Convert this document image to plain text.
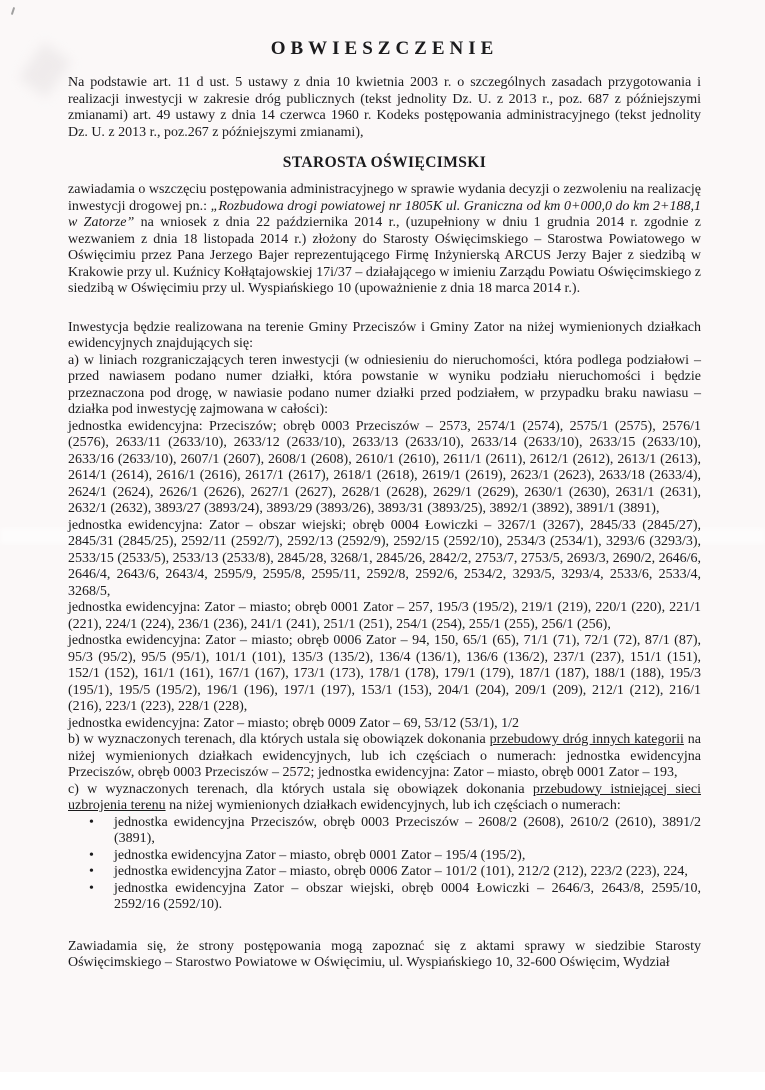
OBWIESZCZENIE

Na podstawie art. 11 d ust. 5 ustawy z dnia 10 kwietnia 2003 r. o szczególnych zasadach przygotowania i realizacji inwestycji w zakresie dróg publicznych (tekst jednolity Dz. U. z 2013 r., poz. 687 z późniejszymi zmianami) art. 49 ustawy z dnia 14 czerwca 1960 r. Kodeks postępowania administracyjnego (tekst jednolity Dz. U. z 2013 r., poz.267 z późniejszymi zmianami),

STAROSTA OŚWIĘCIMSKI

zawiadamia o wszczęciu postępowania administracyjnego w sprawie wydania decyzji o zezwoleniu na realizację inwestycji drogowej pn.: „Rozbudowa drogi powiatowej nr 1805K ul. Graniczna od km 0+000,0 do km 2+188,1 w Zatorze” na wniosek z dnia 22 października 2014 r., (uzupełniony w dniu 1 grudnia 2014 r. zgodnie z wezwaniem z dnia 18 listopada 2014 r.) złożony do Starosty Oświęcimskiego – Starostwa Powiatowego w Oświęcimiu przez Pana Jerzego Bajer reprezentującego Firmę Inżynierską ARCUS Jerzy Bajer z siedzibą w Krakowie przy ul. Kuźnicy Kołłątajowskiej 17i/37 – działającego w imieniu Zarządu Powiatu Oświęcimskiego z siedzibą w Oświęcimiu przy ul. Wyspiańskiego 10 (upoważnienie z dnia 18 marca 2014 r.).

Inwestycja będzie realizowana na terenie Gminy Przeciszów i Gminy Zator na niżej wymienionych działkach ewidencyjnych znajdujących się:

a) w liniach rozgraniczających teren inwestycji (w odniesieniu do nieruchomości, która podlega podziałowi – przed nawiasem podano numer działki, która powstanie w wyniku podziału nieruchomości i będzie przeznaczona pod drogę, w nawiasie podano numer działki przed podziałem, w przypadku braku nawiasu – działka pod inwestycję zajmowana w całości):

jednostka ewidencyjna: Przeciszów; obręb 0003 Przeciszów – 2573, 2574/1 (2574), 2575/1 (2575), 2576/1 (2576), 2633/11 (2633/10), 2633/12 (2633/10), 2633/13 (2633/10), 2633/14 (2633/10), 2633/15 (2633/10), 2633/16 (2633/10), 2607/1 (2607), 2608/1 (2608), 2610/1 (2610), 2611/1 (2611), 2612/1 (2612), 2613/1 (2613), 2614/1 (2614), 2616/1 (2616), 2617/1 (2617), 2618/1 (2618), 2619/1 (2619), 2623/1 (2623), 2633/18 (2633/4), 2624/1 (2624), 2626/1 (2626), 2627/1 (2627), 2628/1 (2628), 2629/1 (2629), 2630/1 (2630), 2631/1 (2631), 2632/1 (2632), 3893/27 (3893/24), 3893/29 (3893/26), 3893/31 (3893/25), 3892/1 (3892), 3891/1 (3891),

jednostka ewidencyjna: Zator – obszar wiejski; obręb 0004 Łowiczki – 3267/1 (3267), 2845/33 (2845/27), 2845/31 (2845/25), 2592/11 (2592/7), 2592/13 (2592/9), 2592/15 (2592/10), 2534/3 (2534/1), 3293/6 (3293/3), 2533/15 (2533/5), 2533/13 (2533/8), 2845/28, 3268/1, 2845/26, 2842/2, 2753/7, 2753/5, 2693/3, 2690/2, 2646/6, 2646/4, 2643/6, 2643/4, 2595/9, 2595/8, 2595/11, 2592/8, 2592/6, 2534/2, 3293/5, 3293/4, 2533/6, 2533/4, 3268/5,

jednostka ewidencyjna: Zator – miasto; obręb 0001 Zator – 257, 195/3 (195/2), 219/1 (219), 220/1 (220), 221/1 (221), 224/1 (224), 236/1 (236), 241/1 (241), 251/1 (251), 254/1 (254), 255/1 (255), 256/1 (256),

jednostka ewidencyjna: Zator – miasto; obręb 0006 Zator – 94, 150, 65/1 (65), 71/1 (71), 72/1 (72), 87/1 (87), 95/3 (95/2), 95/5 (95/1), 101/1 (101), 135/3 (135/2), 136/4 (136/1), 136/6 (136/2), 237/1 (237), 151/1 (151), 152/1 (152), 161/1 (161), 167/1 (167), 173/1 (173), 178/1 (178), 179/1 (179), 187/1 (187), 188/1 (188), 195/3 (195/1), 195/5 (195/2), 196/1 (196), 197/1 (197), 153/1 (153), 204/1 (204), 209/1 (209), 212/1 (212), 216/1 (216), 223/1 (223), 228/1 (228),

jednostka ewidencyjna: Zator – miasto; obręb 0009 Zator – 69, 53/12 (53/1), 1/2

b) w wyznaczonych terenach, dla których ustala się obowiązek dokonania przebudowy dróg innych kategorii na niżej wymienionych działkach ewidencyjnych, lub ich częściach o numerach: jednostka ewidencyjna Przeciszów, obręb 0003 Przeciszów – 2572; jednostka ewidencyjna: Zator – miasto, obręb 0001 Zator – 193,

c) w wyznaczonych terenach, dla których ustala się obowiązek dokonania przebudowy istniejącej sieci uzbrojenia terenu na niżej wymienionych działkach ewidencyjnych, lub ich częściach o numerach:

• jednostka ewidencyjna Przeciszów, obręb 0003 Przeciszów – 2608/2 (2608), 2610/2 (2610), 3891/2 (3891),

• jednostka ewidencyjna Zator – miasto, obręb 0001 Zator – 195/4 (195/2),

• jednostka ewidencyjna Zator – miasto, obręb 0006 Zator – 101/2 (101), 212/2 (212), 223/2 (223), 224,

• jednostka ewidencyjna Zator – obszar wiejski, obręb 0004 Łowiczki – 2646/3, 2643/8, 2595/10, 2592/16 (2592/10).

Zawiadamia się, że strony postępowania mogą zapoznać się z aktami sprawy w siedzibie Starosty Oświęcimskiego – Starostwo Powiatowe w Oświęcimiu, ul. Wyspiańskiego 10, 32-600 Oświęcim, Wydział
